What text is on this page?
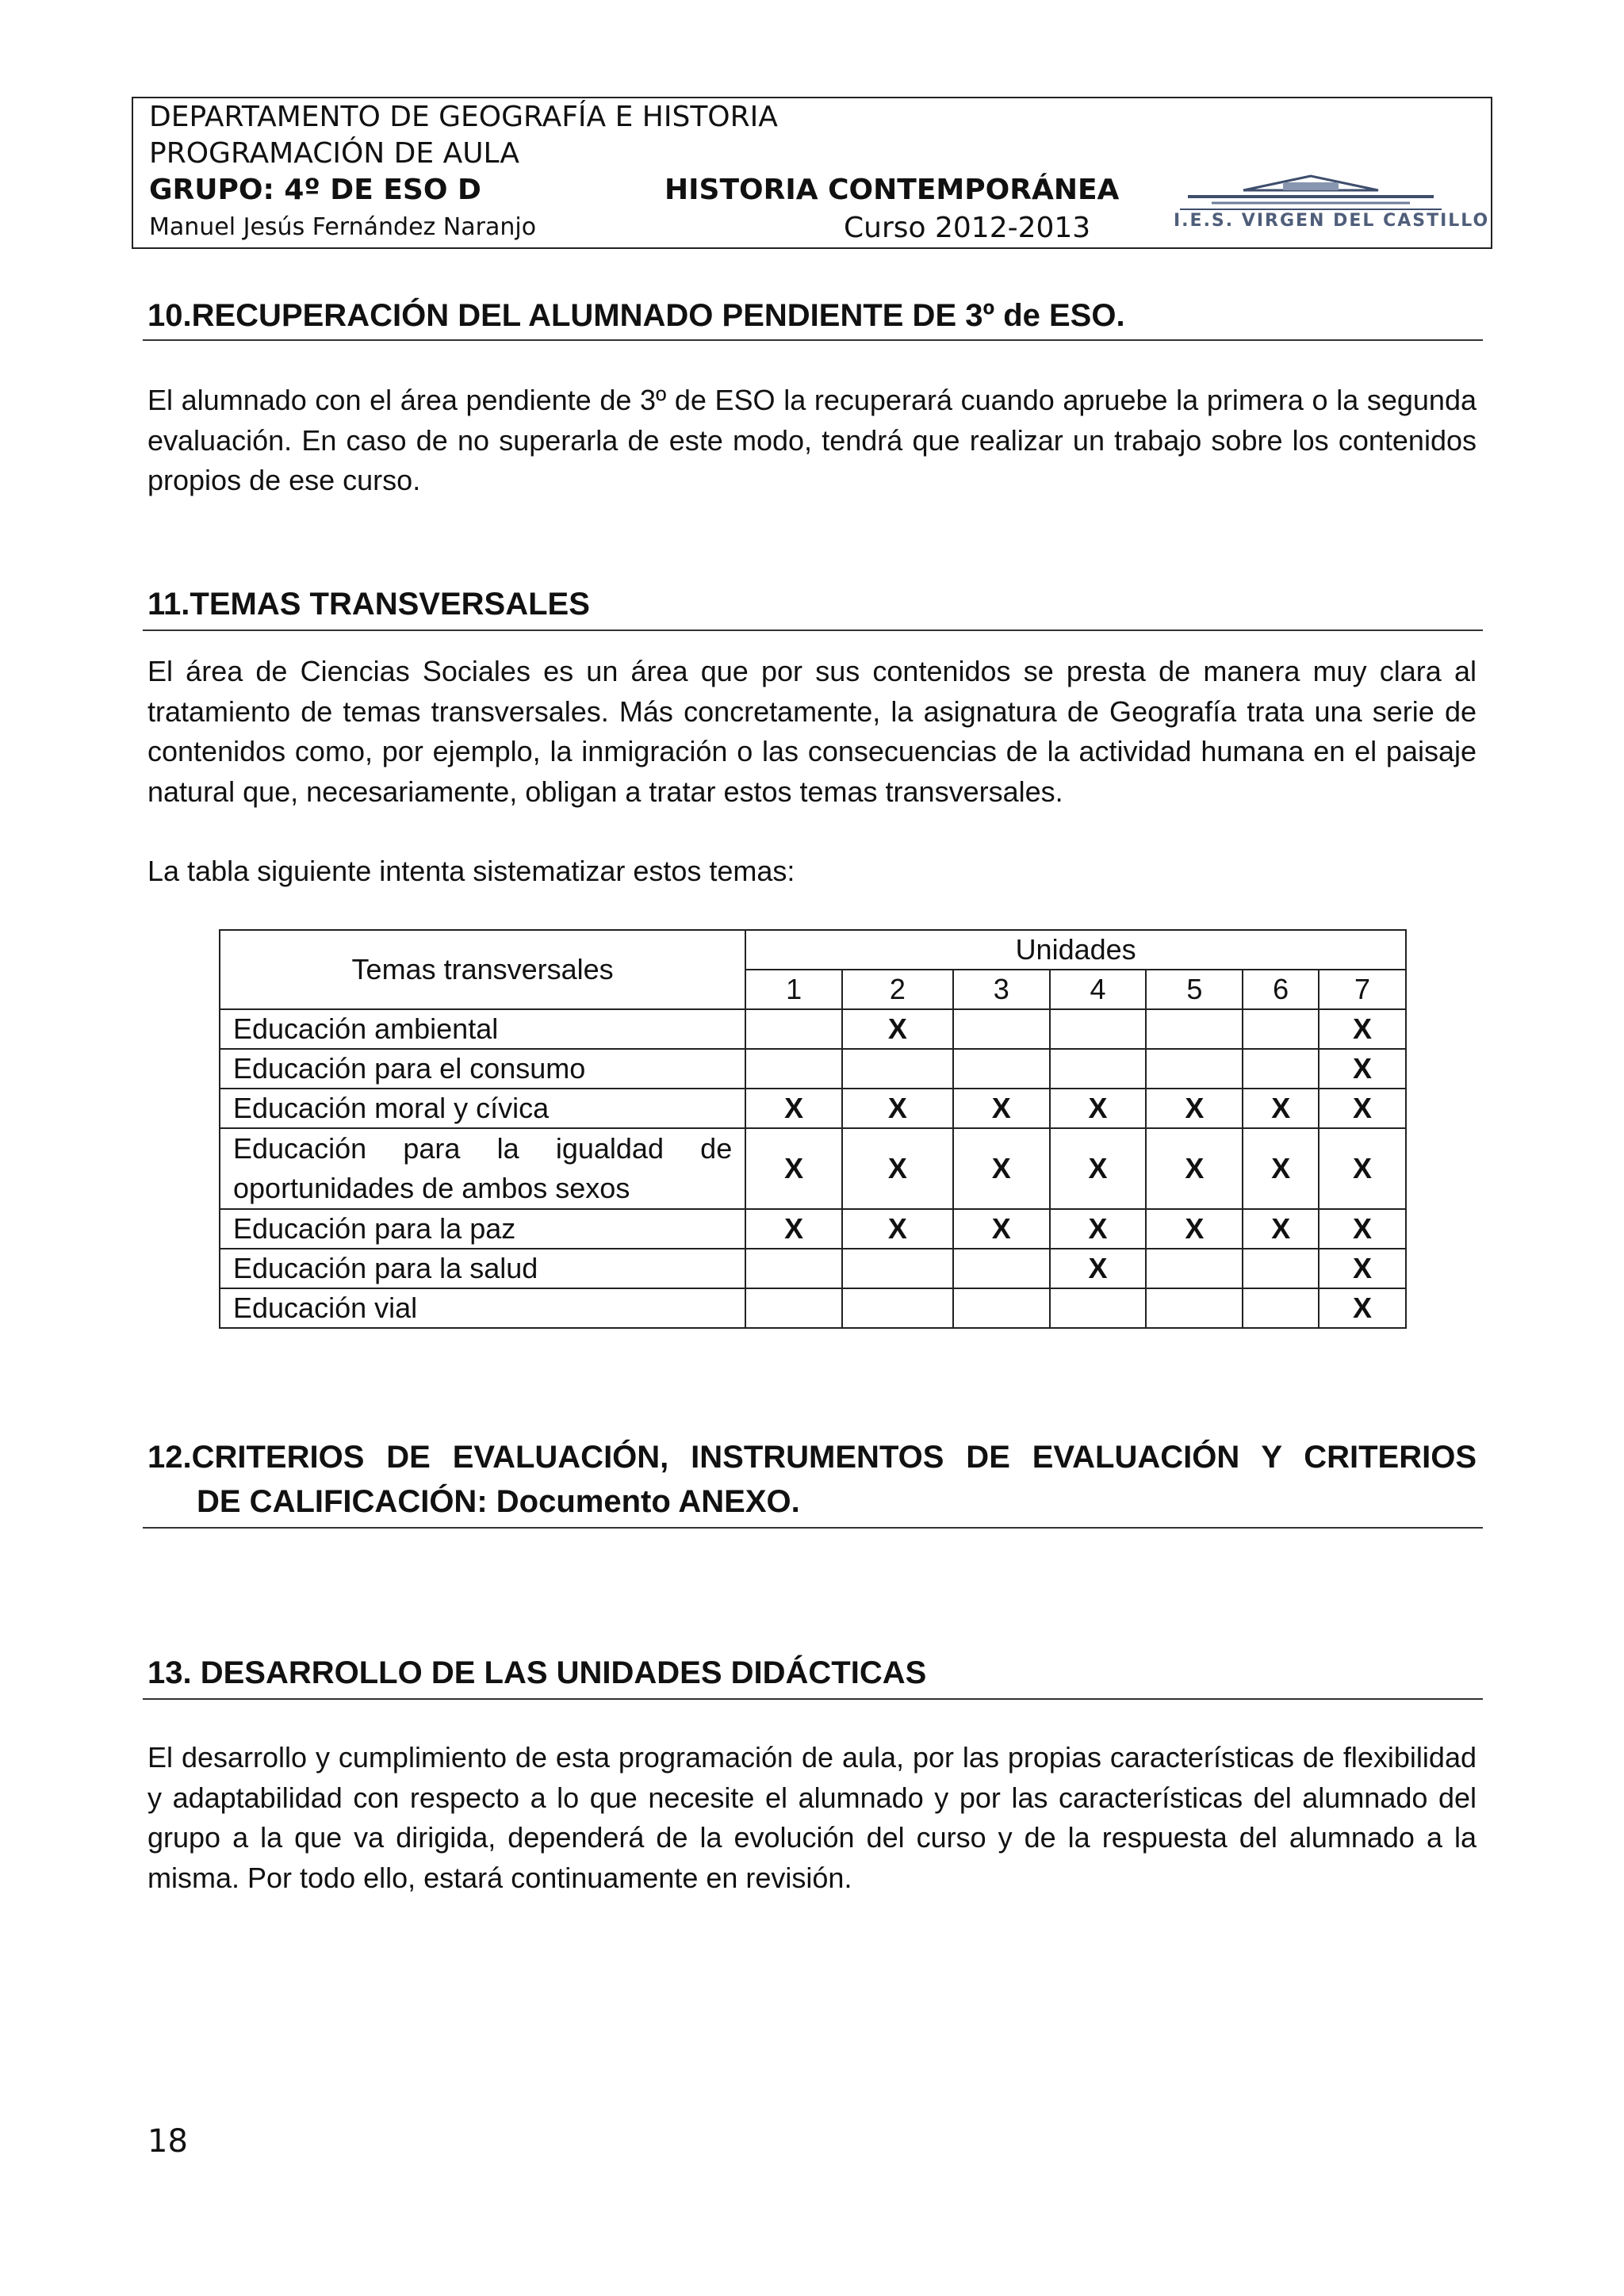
DEPARTAMENTO DE GEOGRAFÍA E HISTORIA
PROGRAMACIÓN DE AULA
GRUPO: 4º DE ESO D	HISTORIA CONTEMPORÁNEA
Manuel Jesús Fernández Naranjo	Curso 2012-2013	I.E.S. VIRGEN DEL CASTILLO
10.RECUPERACIÓN DEL ALUMNADO PENDIENTE DE 3º de ESO.
El alumnado con el área pendiente de 3º de ESO la recuperará cuando apruebe la primera o la segunda evaluación. En caso de no superarla de este modo, tendrá que realizar un trabajo sobre los contenidos propios de ese curso.
11.TEMAS TRANSVERSALES
El área de Ciencias Sociales es un área que por sus contenidos se presta de manera muy clara al tratamiento de temas transversales. Más concretamente, la asignatura de Geografía trata una serie de contenidos como, por ejemplo, la inmigración o las consecuencias de la actividad humana en el paisaje natural que, necesariamente, obligan a tratar estos temas transversales.
La tabla siguiente intenta sistematizar estos temas:
Temas transversales	Unidades						
	1	2	3	4	5	6	7
Educación ambiental		X					X
Educación para el consumo							X
Educación moral y cívica	X	X	X	X	X	X	X
Educación para la igualdad de oportunidades de ambos sexos	X	X	X	X	X	X	X
Educación para la paz	X	X	X	X	X	X	X
Educación para la salud				X			X
Educación vial							X
12.CRITERIOS DE EVALUACIÓN, INSTRUMENTOS DE EVALUACIÓN Y CRITERIOS
DE CALIFICACIÓN: Documento ANEXO.
13. DESARROLLO DE LAS UNIDADES DIDÁCTICAS
El desarrollo y cumplimiento de esta programación de aula, por las propias características de flexibilidad y adaptabilidad con respecto a lo que necesite el alumnado y por las características del alumnado del grupo a la que va dirigida, dependerá de la evolución del curso y de la respuesta del alumnado a la misma. Por todo ello, estará continuamente en revisión.
18
